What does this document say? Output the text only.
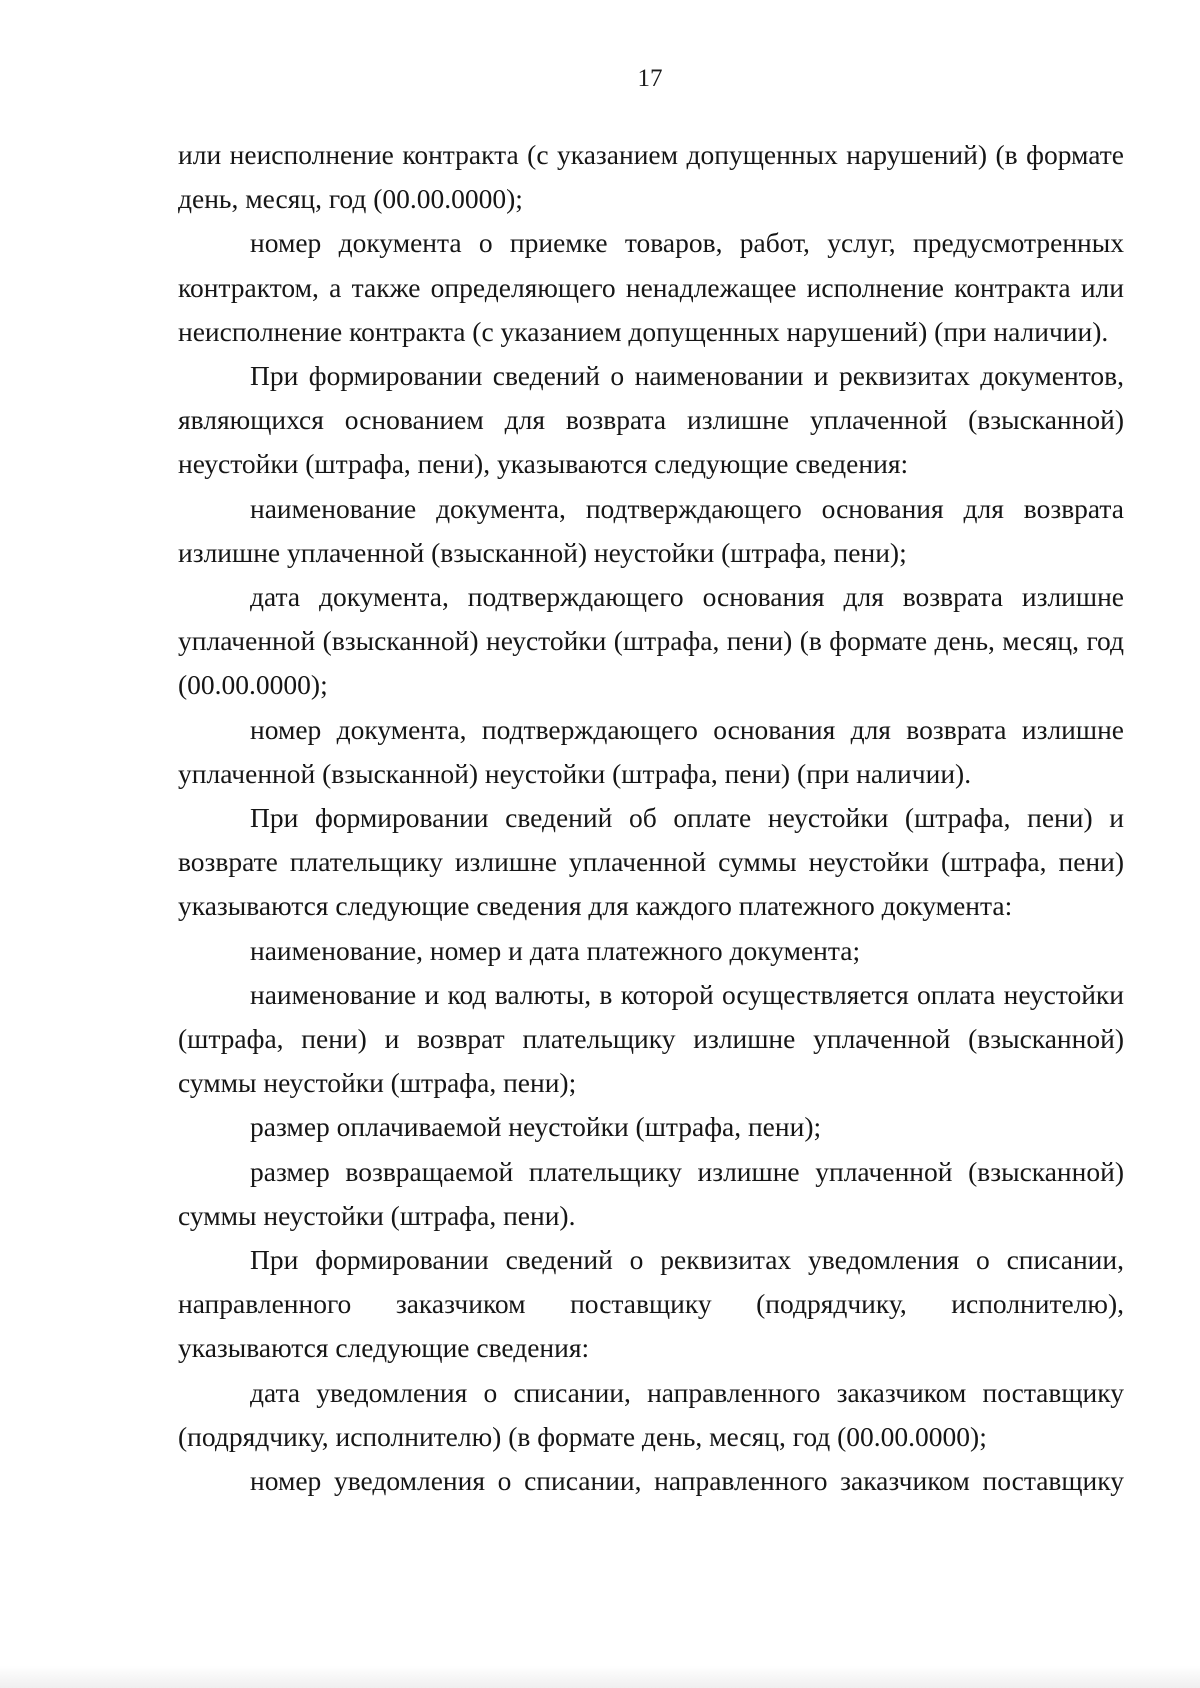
17

или неисполнение контракта (с указанием допущенных нарушений) (в формате день, месяц, год (00.00.0000);

номер документа о приемке товаров, работ, услуг, предусмотренных контрактом, а также определяющего ненадлежащее исполнение контракта или неисполнение контракта (с указанием допущенных нарушений) (при наличии).

При формировании сведений о наименовании и реквизитах документов, являющихся основанием для возврата излишне уплаченной (взысканной) неустойки (штрафа, пени), указываются следующие сведения:

наименование документа, подтверждающего основания для возврата излишне уплаченной (взысканной) неустойки (штрафа, пени);

дата документа, подтверждающего основания для возврата излишне уплаченной (взысканной) неустойки (штрафа, пени) (в формате день, месяц, год (00.00.0000);

номер документа, подтверждающего основания для возврата излишне уплаченной (взысканной) неустойки (штрафа, пени) (при наличии).

При формировании сведений об оплате неустойки (штрафа, пени) и возврате плательщику излишне уплаченной суммы неустойки (штрафа, пени) указываются следующие сведения для каждого платежного документа:

наименование, номер и дата платежного документа;

наименование и код валюты, в которой осуществляется оплата неустойки (штрафа, пени) и возврат плательщику излишне уплаченной (взысканной) суммы неустойки (штрафа, пени);

размер оплачиваемой неустойки (штрафа, пени);

размер возвращаемой плательщику излишне уплаченной (взысканной) суммы неустойки (штрафа, пени).

При формировании сведений о реквизитах уведомления о списании, направленного заказчиком поставщику (подрядчику, исполнителю), указываются следующие сведения:

дата уведомления о списании, направленного заказчиком поставщику (подрядчику, исполнителю) (в формате день, месяц, год (00.00.0000);

номер уведомления о списании, направленного заказчиком поставщику
